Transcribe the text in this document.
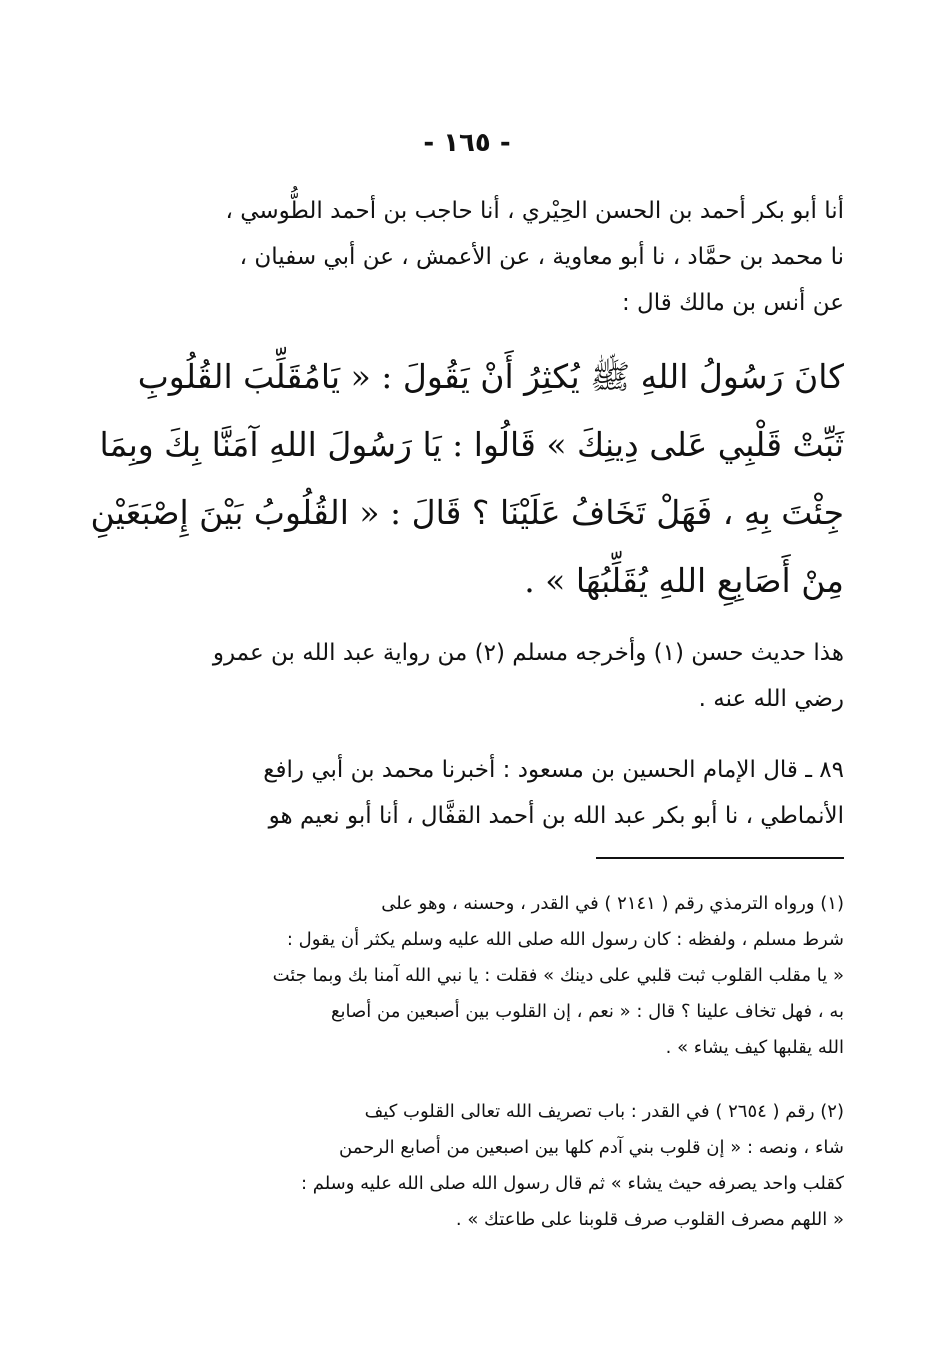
- ١٦٥ -
أنا أبو بكر أحمد بن الحسن الحِيْري ، أنا حاجب بن أحمد الطُّوسي ،
نا محمد بن حمَّاد ، نا أبو معاوية ، عن الأعمش ، عن أبي سفيان ،
عن أنس بن مالك قال :
كانَ رَسُولُ اللهِ ﷺ يُكثِرُ أَنْ يَقُولَ : « يَامُقَلِّبَ القُلُوبِ
ثَبِّتْ قَلْبِي عَلى دِينِكَ » قَالُوا : يَا رَسُولَ اللهِ آمَنَّا بِكَ وبِمَا
جِئْتَ بِهِ ، فَهَلْ تَخَافُ عَلَيْنَا ؟ قَالَ : « القُلُوبُ بَيْنَ إِصْبَعَيْنِ
مِنْ أَصَابِعِ اللهِ يُقَلِّبُهَا » .
هذا حديث حسن (١) وأخرجه مسلم (٢) من رواية عبد الله بن عمرو
رضي الله عنه .
٨٩ ـ قال الإمام الحسين بن مسعود : أخبرنا محمد بن أبي رافع
الأنماطي ، نا أبو بكر عبد الله بن أحمد القفَّال ، أنا أبو نعيم هو
(١) ورواه الترمذي رقم ( ٢١٤١ ) في القدر ، وحسنه ، وهو على
شرط مسلم ، ولفظه : كان رسول الله صلى الله عليه وسلم يكثر أن يقول :
« يا مقلب القلوب ثبت قلبي على دينك » فقلت : يا نبي الله آمنا بك وبما جئت
به ، فهل تخاف علينا ؟ قال : « نعم ، إن القلوب بين أصبعين من أصابع
الله يقلبها كيف يشاء » .
(٢) رقم ( ٢٦٥٤ ) في القدر : باب تصريف الله تعالى القلوب كيف
شاء ، ونصه : « إن قلوب بني آدم كلها بين اصبعين من أصابع الرحمن
كقلب واحد يصرفه حيث يشاء » ثم قال رسول الله صلى الله عليه وسلم :
« اللهم مصرف القلوب صرف قلوبنا على طاعتك » .
